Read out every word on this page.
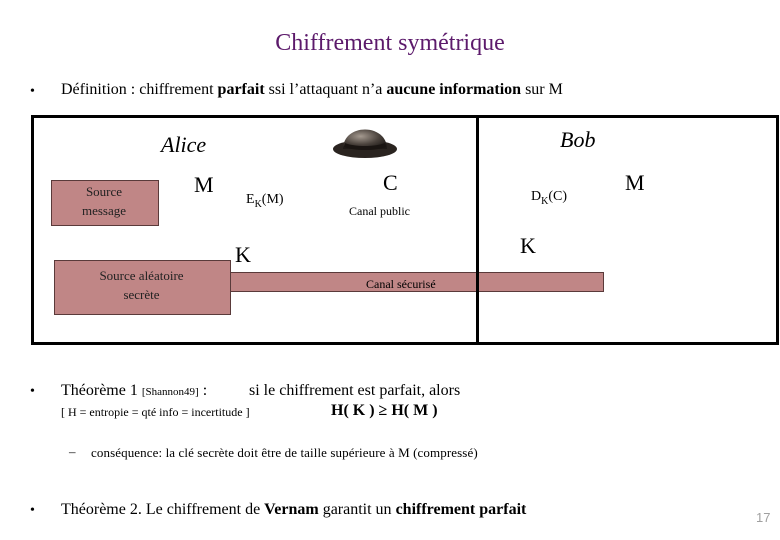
Chiffrement symétrique
• Définition : chiffrement parfait ssi l’attaquant n’a aucune information sur M
Alice	Bob
Source
message
M
$E_K(M)$
C
Canal public
$D_K(C)$
M
K	K
Source aléatoire
secrète
Canal sécurisé
• Théorème 1 [Shannon49] :	si le chiffrement est parfait, alors
[ H = entropie = qté info = incertitude ]	H( K ) ≥ H( M )
– conséquence: la clé secrète doit être de taille supérieure à M (compressé)
• Théorème 2. Le chiffrement de Vernam garantit un chiffrement parfait	17
